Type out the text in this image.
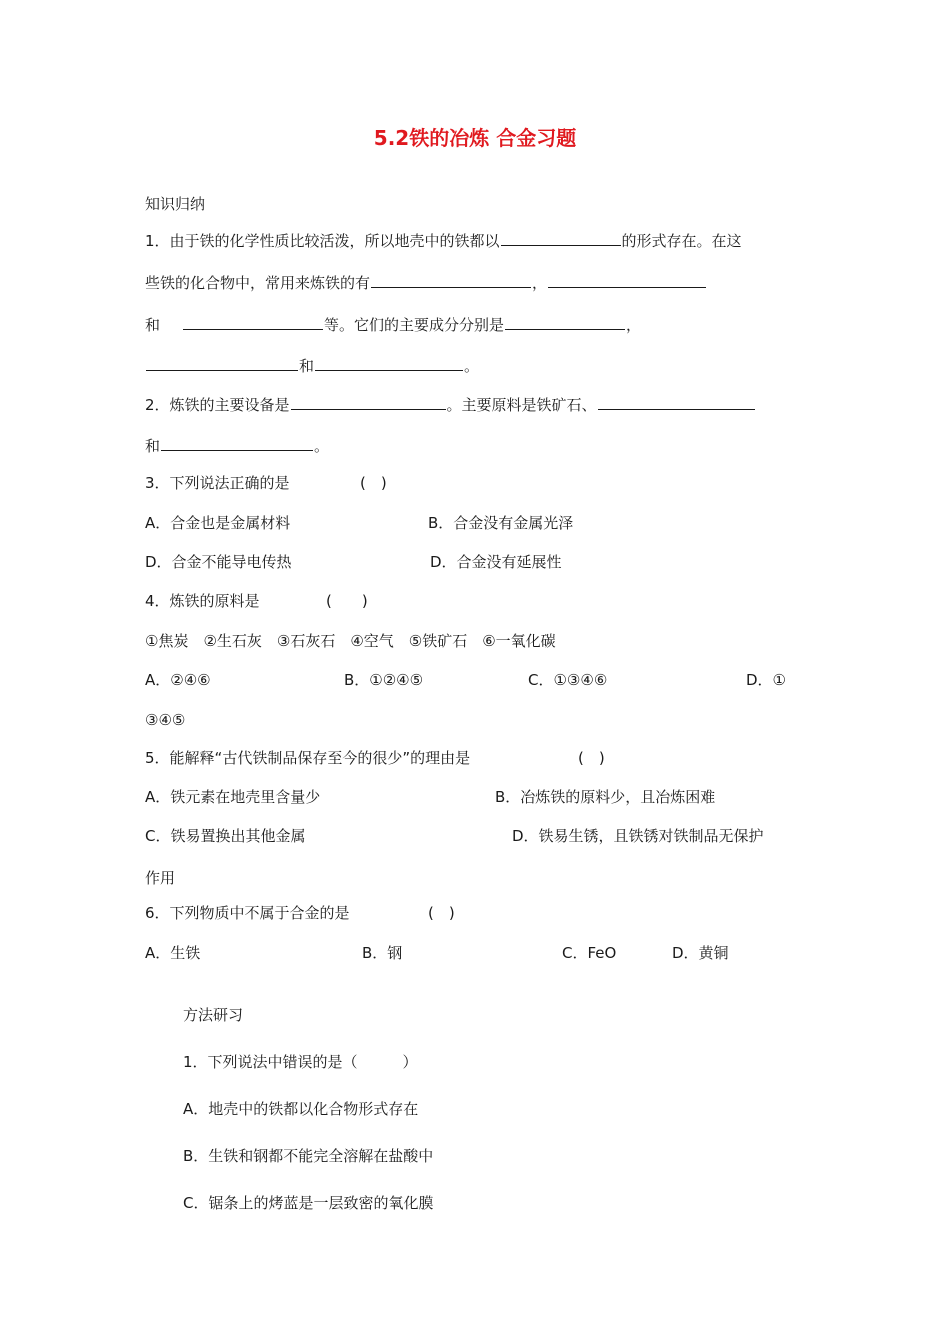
5.2铁的冶炼 合金习题
知识归纳
1．由于铁的化学性质比较活泼，所以地壳中的铁都以	的形式存在。在这
些铁的化合物中，常用来炼铁的有	，
和	等。它们的主要成分分别是	，
和	。
2．炼铁的主要设备是	。主要原料是铁矿石、
和	。
3．下列说法正确的是	(　)
A．合金也是金属材料	B．合金没有金属光泽
D．合金不能导电传热	D．合金没有延展性
4．炼铁的原料是	(　　)
①焦炭　②生石灰　③石灰石　④空气　⑤铁矿石　⑥一氧化碳
A．②④⑥	B．①②④⑤	C．①③④⑥	D．①
③④⑤
5．能解释“古代铁制品保存至今的很少”的理由是	(　)
A．铁元素在地壳里含量少	B．冶炼铁的原料少，且冶炼困难
C．铁易置换出其他金属	D．铁易生锈，且铁锈对铁制品无保护
作用
6．下列物质中不属于合金的是	(　)
A．生铁	B．钢	C．FeO	D．黄铜
方法研习
1．下列说法中错误的是（　　　）
A．地壳中的铁都以化合物形式存在
B．生铁和钢都不能完全溶解在盐酸中
C．锯条上的烤蓝是一层致密的氧化膜
